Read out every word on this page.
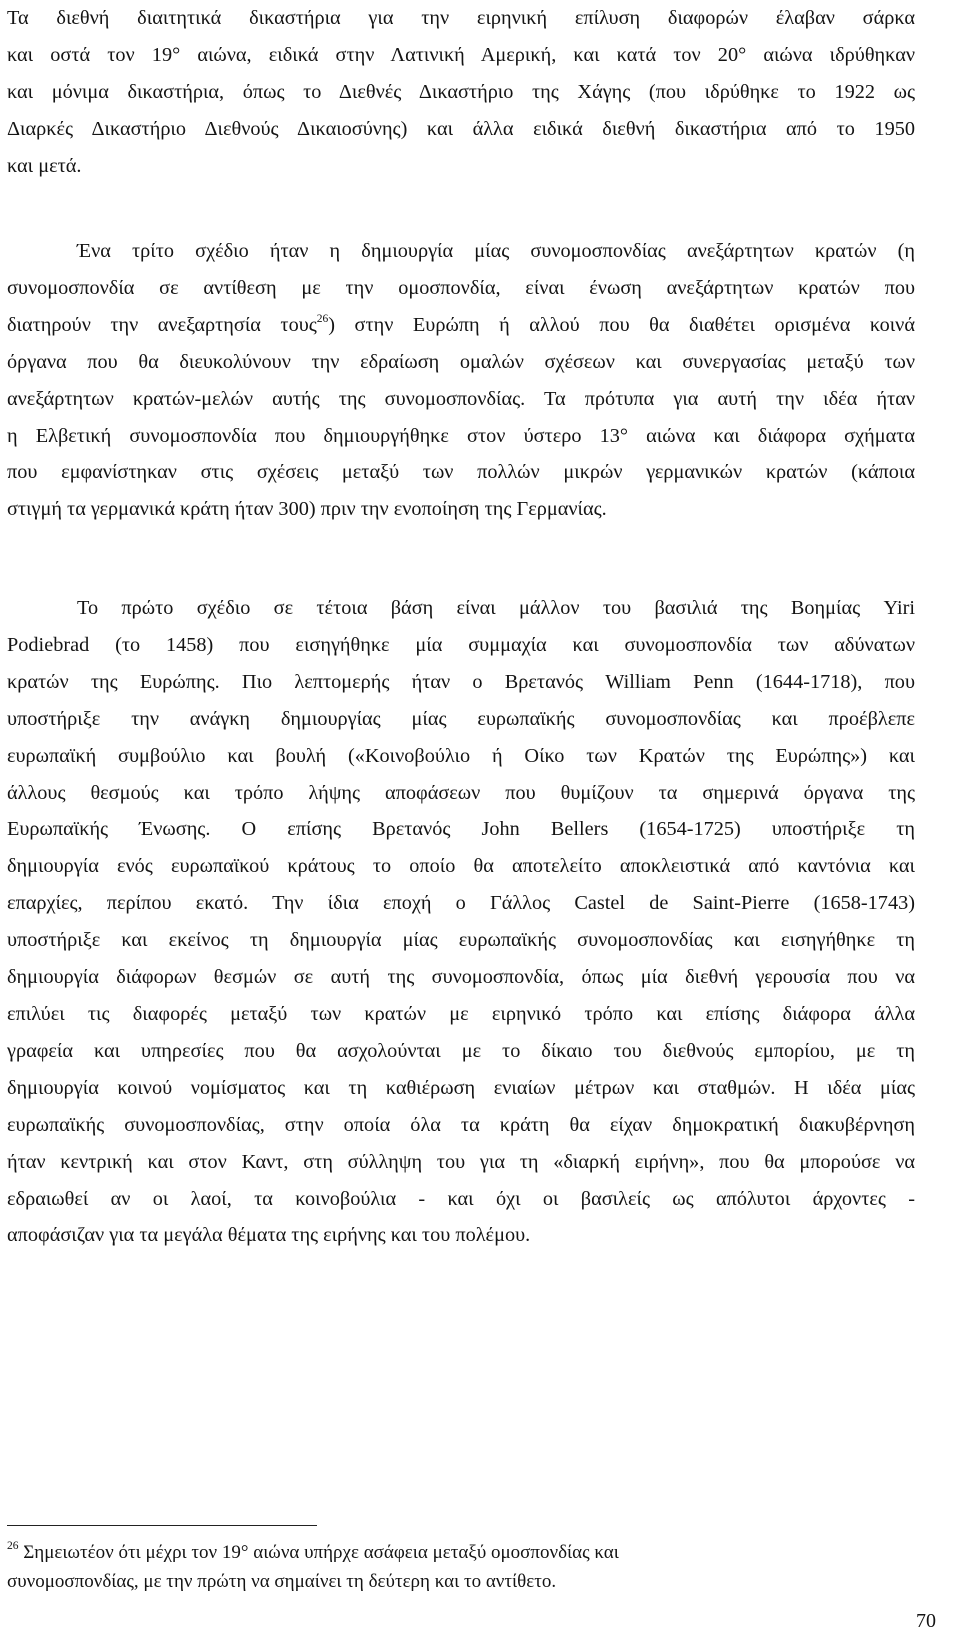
Τα διεθνή διαιτητικά δικαστήρια για την ειρηνική επίλυση διαφορών έλαβαν σάρκα
και οστά τον 19° αιώνα, ειδικά στην Λατινική Αμερική, και κατά τον 20° αιώνα ιδρύθηκαν
και μόνιμα δικαστήρια, όπως το Διεθνές Δικαστήριο της Χάγης (που ιδρύθηκε το 1922 ως
Διαρκές Δικαστήριο Διεθνούς Δικαιοσύνης) και άλλα ειδικά διεθνή δικαστήρια από το 1950
και μετά.
Ένα τρίτο σχέδιο ήταν η δημιουργία μίας συνομοσπονδίας ανεξάρτητων κρατών (η
συνομοσπονδία σε αντίθεση με την ομοσπονδία, είναι ένωση ανεξάρτητων κρατών που
διατηρούν την ανεξαρτησία τους$^{26}$) στην Ευρώπη ή αλλού που θα διαθέτει ορισμένα κοινά
όργανα που θα διευκολύνουν την εδραίωση ομαλών σχέσεων και συνεργασίας μεταξύ των
ανεξάρτητων κρατών-μελών αυτής της συνομοσπονδίας. Τα πρότυπα για αυτή την ιδέα ήταν
η Ελβετική συνομοσπονδία που δημιουργήθηκε στον ύστερο 13° αιώνα και διάφορα σχήματα
που εμφανίστηκαν στις σχέσεις μεταξύ των πολλών μικρών γερμανικών κρατών (κάποια
στιγμή τα γερμανικά κράτη ήταν 300) πριν την ενοποίηση της Γερμανίας.
Το πρώτο σχέδιο σε τέτοια βάση είναι μάλλον του βασιλιά της Βοημίας Yiri
Podiebrad (το 1458) που εισηγήθηκε μία συμμαχία και συνομοσπονδία των αδύνατων
κρατών της Ευρώπης. Πιο λεπτομερής ήταν ο Βρετανός William Penn (1644-1718), που
υποστήριξε την ανάγκη δημιουργίας μίας ευρωπαϊκής συνομοσπονδίας και προέβλεπε
ευρωπαϊκή συμβούλιο και βουλή («Κοινοβούλιο ή Οίκο των Κρατών της Ευρώπης») και
άλλους θεσμούς και τρόπο λήψης αποφάσεων που θυμίζουν τα σημερινά όργανα της
Ευρωπαϊκής Ένωσης. Ο επίσης Βρετανός John Bellers (1654-1725) υποστήριξε τη
δημιουργία ενός ευρωπαϊκού κράτους το οποίο θα αποτελείτο αποκλειστικά από καντόνια και
επαρχίες, περίπου εκατό. Την ίδια εποχή ο Γάλλος Castel de Saint-Pierre (1658-1743)
υποστήριξε και εκείνος τη δημιουργία μίας ευρωπαϊκής συνομοσπονδίας και εισηγήθηκε τη
δημιουργία διάφορων θεσμών σε αυτή της συνομοσπονδία, όπως μία διεθνή γερουσία που να
επιλύει τις διαφορές μεταξύ των κρατών με ειρηνικό τρόπο και επίσης διάφορα άλλα
γραφεία και υπηρεσίες που θα ασχολούνται με το δίκαιο του διεθνούς εμπορίου, με τη
δημιουργία κοινού νομίσματος και τη καθιέρωση ενιαίων μέτρων και σταθμών. Η ιδέα μίας
ευρωπαϊκής συνομοσπονδίας, στην οποία όλα τα κράτη θα είχαν δημοκρατική διακυβέρνηση
ήταν κεντρική και στον Καντ, στη σύλληψη του για τη «διαρκή ειρήνη», που θα μπορούσε να
εδραιωθεί αν οι λαοί, τα κοινοβούλια - και όχι οι βασιλείς ως απόλυτοι άρχοντες -
αποφάσιζαν για τα μεγάλα θέματα της ειρήνης και του πολέμου.
$^{26}$ Σημειωτέον ότι μέχρι τον 19° αιώνα υπήρχε ασάφεια μεταξύ ομοσπονδίας και
συνομοσπονδίας, με την πρώτη να σημαίνει τη δεύτερη και το αντίθετο.
70
